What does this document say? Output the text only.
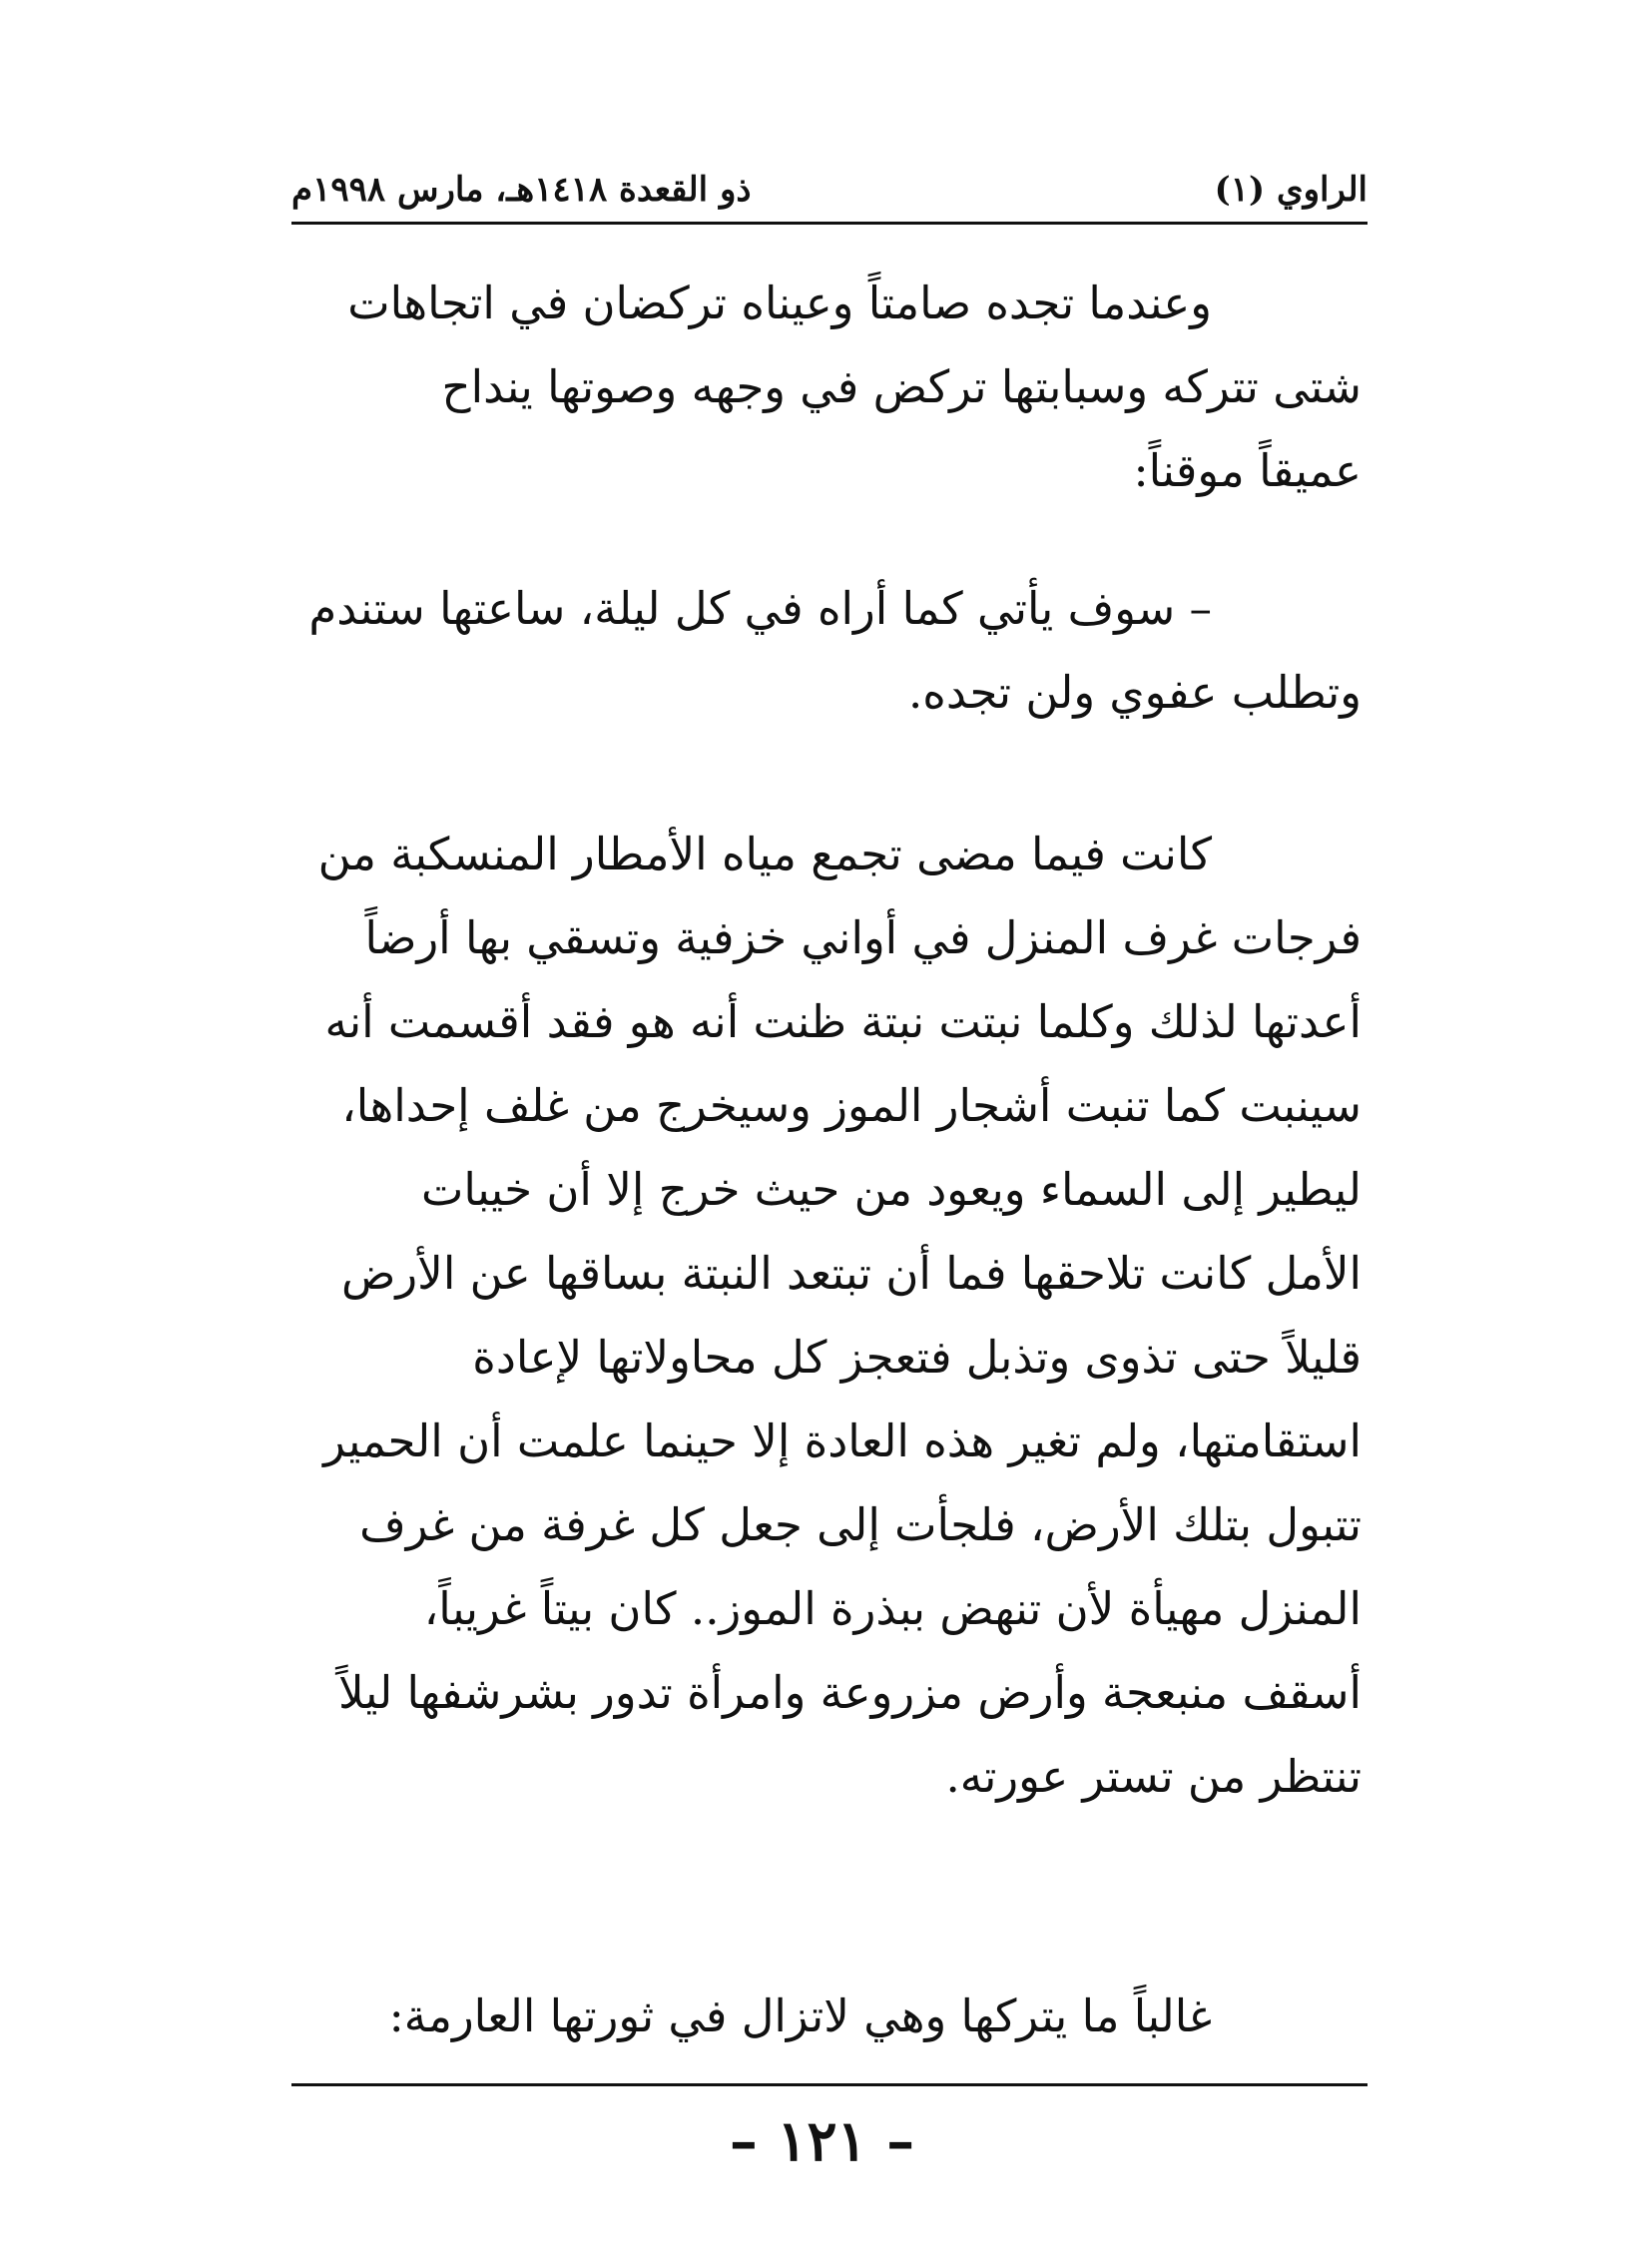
الراوي (١)
ذو القعدة ١٤١٨هـ، مارس ١٩٩٨م
وعندما تجده صامتاً وعيناه تركضان في اتجاهات
شتى تتركه وسبابتها تركض في وجهه وصوتها ينداح
عميقاً موقناً:
– سوف يأتي كما أراه في كل ليلة، ساعتها ستندم
وتطلب عفوي ولن تجده.
كانت فيما مضى تجمع مياه الأمطار المنسكبة من
فرجات غرف المنزل في أواني خزفية وتسقي بها أرضاً
أعدتها لذلك وكلما نبتت نبتة ظنت أنه هو فقد أقسمت أنه
سينبت كما تنبت أشجار الموز وسيخرج من غلف إحداها،
ليطير إلى السماء ويعود من حيث خرج إلا أن خيبات
الأمل كانت تلاحقها فما أن تبتعد النبتة بساقها عن الأرض
قليلاً حتى تذوى وتذبل فتعجز كل محاولاتها لإعادة
استقامتها، ولم تغير هذه العادة إلا حينما علمت أن الحمير
تتبول بتلك الأرض، فلجأت إلى جعل كل غرفة من غرف
المنزل مهيأة لأن تنهض ببذرة الموز.. كان بيتاً غريباً،
أسقف منبعجة وأرض مزروعة وامرأة تدور بشرشفها ليلاً
تنتظر من تستر عورته.
غالباً ما يتركها وهي لاتزال في ثورتها العارمة:
– ١٢١ –
